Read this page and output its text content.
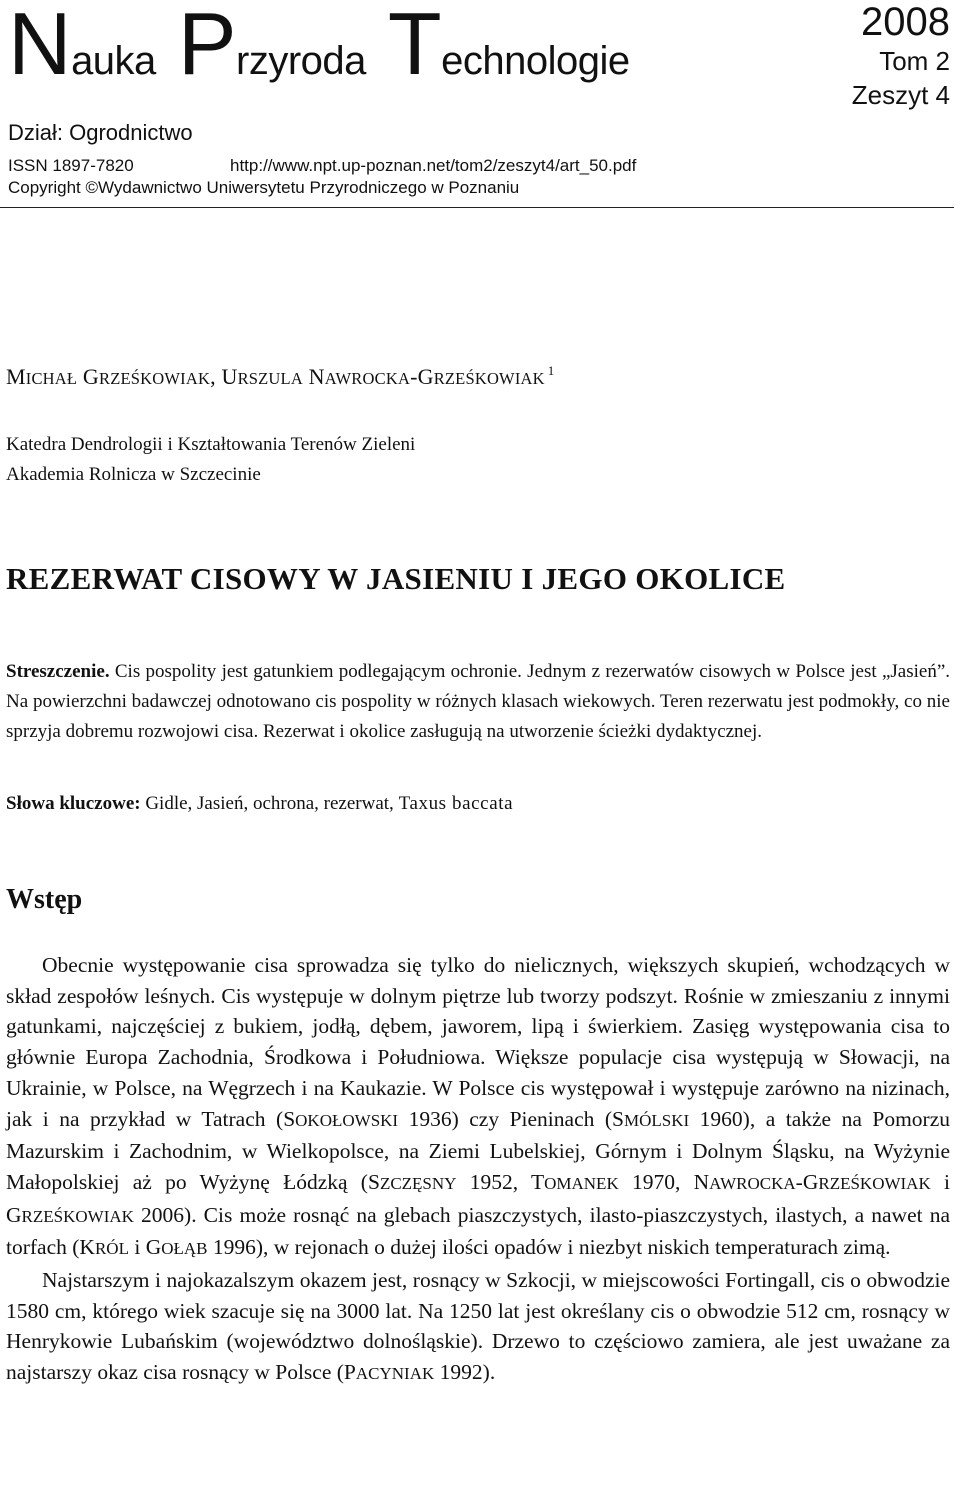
Nauka Przyroda Technologie
2008
Tom 2
Zeszyt 4
Dział: Ogrodnictwo
ISSN 1897-7820	http://www.npt.up-poznan.net/tom2/zeszyt4/art_50.pdf
Copyright ©Wydawnictwo Uniwersytetu Przyrodniczego w Poznaniu
MICHAŁ GRZEŚKOWIAK, URSZULA NAWROCKA-GRZEŚKOWIAK $^1$
Katedra Dendrologii i Kształtowania Terenów Zieleni
Akademia Rolnicza w Szczecinie
REZERWAT CISOWY W JASIENIU I JEGO OKOLICE
Streszczenie. Cis pospolity jest gatunkiem podlegającym ochronie. Jednym z rezerwatów cisowych w Polsce jest „Jasień”. Na powierzchni badawczej odnotowano cis pospolity w różnych klasach wiekowych. Teren rezerwatu jest podmokły, co nie sprzyja dobremu rozwojowi cisa. Rezerwat i okolice zasługują na utworzenie ścieżki dydaktycznej.
Słowa kluczowe: Gidle, Jasień, ochrona, rezerwat, Taxus baccata
Wstęp

Obecnie występowanie cisa sprowadza się tylko do nielicznych, większych skupień, wchodzących w skład zespołów leśnych. Cis występuje w dolnym piętrze lub tworzy podszyt. Rośnie w zmieszaniu z innymi gatunkami, najczęściej z bukiem, jodłą, dębem, jaworem, lipą i świerkiem. Zasięg występowania cisa to głównie Europa Zachodnia, Środkowa i Południowa. Większe populacje cisa występują w Słowacji, na Ukrainie, w Polsce, na Węgrzech i na Kaukazie. W Polsce cis występował i występuje zarówno na nizinach, jak i na przykład w Tatrach (SOKOŁOWSKI 1936) czy Pieninach (SMÓLSKI 1960), a także na Pomorzu Mazurskim i Zachodnim, w Wielkopolsce, na Ziemi Lubelskiej, Górnym i Dolnym Śląsku, na Wyżynie Małopolskiej aż po Wyżynę Łódzką (SZCZĘSNY 1952, TOMANEK 1970, NAWROCKA-GRZEŚKOWIAK i GRZEŚKOWIAK 2006). Cis może rosnąć na glebach piaszczystych, ilasto-piaszczystych, ilastych, a nawet na torfach (KRÓL i GOŁĄB 1996), w rejonach o dużej ilości opadów i niezbyt niskich temperaturach zimą.

Najstarszym i najokazalszym okazem jest, rosnący w Szkocji, w miejscowości Fortingall, cis o obwodzie 1580 cm, którego wiek szacuje się na 3000 lat. Na 1250 lat jest określany cis o obwodzie 512 cm, rosnący w Henrykowie Lubańskim (województwo dolnośląskie). Drzewo to częściowo zamiera, ale jest uważane za najstarszy okaz cisa rosnący w Polsce (PACYNIAK 1992).
